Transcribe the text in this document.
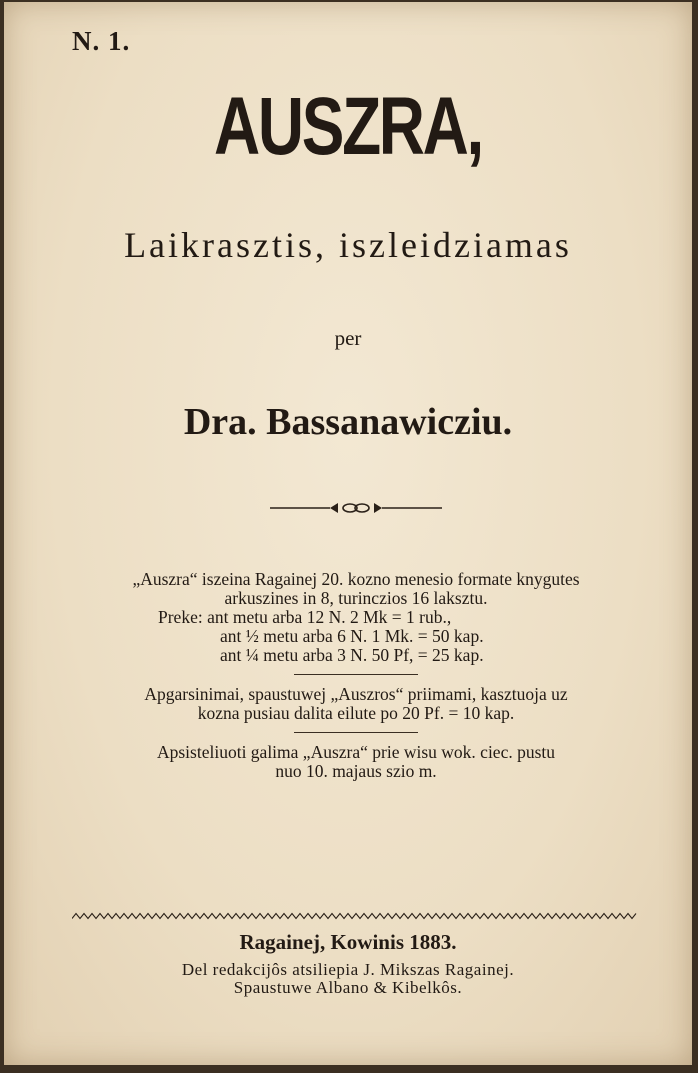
N. 1.
AUSZRA,
Laikrasztis, iszleidziamas
per
Dra. Bassanawicziu.
„Auszra“ iszeina Ragainej 20. kozno menesio formate knygutes
arkuszines in 8, turinczios 16 laksztu.
Preke: ant metu arba 12 N. 2 Mk = 1 rub.,
ant ½ metu arba 6 N. 1 Mk. = 50 kap.
ant ¼ metu arba 3 N. 50 Pf, = 25 kap.
Apgarsinimai, spaustuwej „Auszros“ priimami, kasztuoja uz
kozna pusiau dalita eilute po 20 Pf. = 10 kap.
Apsisteliuoti galima „Auszra“ prie wisu wok. ciec. pustu
nuo 10. majaus szio m.
Ragainej, Kowinis 1883.
Del redakcijôs atsiliepia J. Mikszas Ragainej.
Spaustuwe Albano & Kibelkôs.
